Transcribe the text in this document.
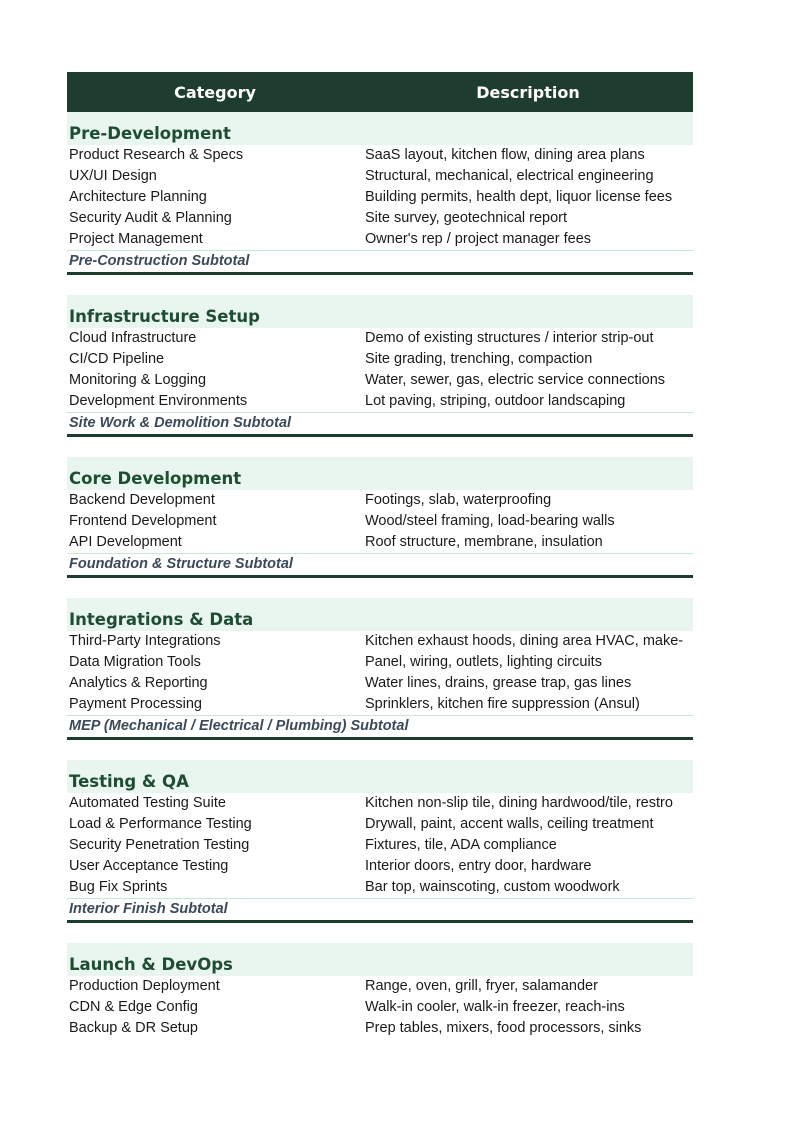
Category	Description
Pre-Development
Product Research & Specs	SaaS layout, kitchen flow, dining area plans
UX/UI Design	Structural, mechanical, electrical engineering
Architecture Planning	Building permits, health dept, liquor license fees
Security Audit & Planning	Site survey, geotechnical report
Project Management	Owner's rep / project manager fees
Pre-Construction Subtotal
Infrastructure Setup
Cloud Infrastructure	Demo of existing structures / interior strip-out
CI/CD Pipeline	Site grading, trenching, compaction
Monitoring & Logging	Water, sewer, gas, electric service connections
Development Environments	Lot paving, striping, outdoor landscaping
Site Work & Demolition Subtotal
Core Development
Backend Development	Footings, slab, waterproofing
Frontend Development	Wood/steel framing, load-bearing walls
API Development	Roof structure, membrane, insulation
Foundation & Structure Subtotal
Integrations & Data
Third-Party Integrations	Kitchen exhaust hoods, dining area HVAC, make-
Data Migration Tools	Panel, wiring, outlets, lighting circuits
Analytics & Reporting	Water lines, drains, grease trap, gas lines
Payment Processing	Sprinklers, kitchen fire suppression (Ansul)
MEP (Mechanical / Electrical / Plumbing) Subtotal
Testing & QA
Automated Testing Suite	Kitchen non-slip tile, dining hardwood/tile, restro
Load & Performance Testing	Drywall, paint, accent walls, ceiling treatment
Security Penetration Testing	Fixtures, tile, ADA compliance
User Acceptance Testing	Interior doors, entry door, hardware
Bug Fix Sprints	Bar top, wainscoting, custom woodwork
Interior Finish Subtotal
Launch & DevOps
Production Deployment	Range, oven, grill, fryer, salamander
CDN & Edge Config	Walk-in cooler, walk-in freezer, reach-ins
Backup & DR Setup	Prep tables, mixers, food processors, sinks
